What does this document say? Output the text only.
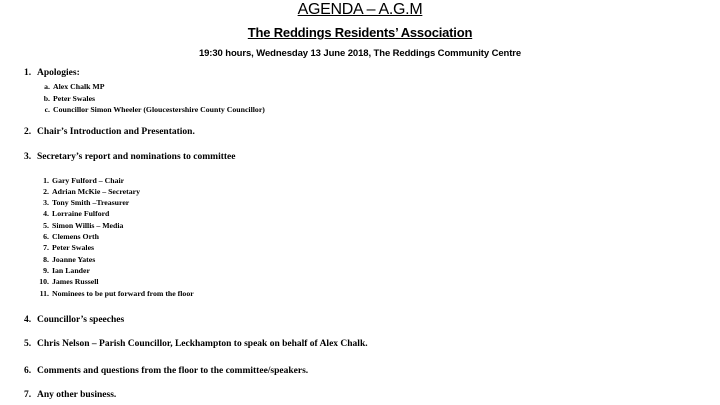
AGENDA – A.G.M
The Reddings Residents’ Association
19:30 hours, Wednesday 13 June 2018, The Reddings Community Centre
1. Apologies:
a. Alex Chalk MP
b. Peter Swales
c. Councillor Simon Wheeler (Gloucestershire County Councillor)
2. Chair’s Introduction and Presentation.
3. Secretary’s report and nominations to committee
1. Gary Fulford – Chair
2. Adrian McKie – Secretary
3. Tony Smith –Treasurer
4. Lorraine Fulford
5. Simon Willis – Media
6. Clemens Orth
7. Peter Swales
8. Joanne Yates
9. Ian Lander
10. James Russell
11. Nominees to be put forward from the floor
4. Councillor’s speeches
5. Chris Nelson – Parish Councillor, Leckhampton to speak on behalf of Alex Chalk.
6. Comments and questions from the floor to the committee/speakers.
7. Any other business.
